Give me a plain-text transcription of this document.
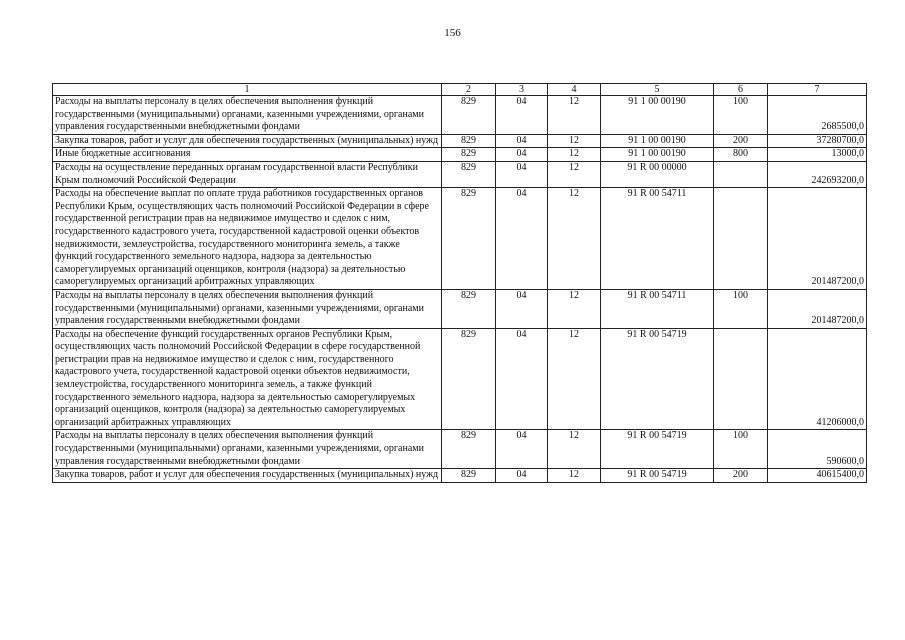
156
1	2	3	4	5	6	7
Расходы на выплаты персоналу в целях обеспечения выполнения функций государственными (муниципальными) органами, казенными учреждениями, органами управления государственными внебюджетными фондами	829	04	12	91 1 00 00190	100	2685500,0
Закупка товаров, работ и услуг для обеспечения государственных (муниципальных) нужд	829	04	12	91 1 00 00190	200	37280700,0
Иные бюджетные ассигнования	829	04	12	91 1 00 00190	800	13000,0
Расходы на осуществление переданных органам государственной власти Республики Крым полномочий Российской Федерации	829	04	12	91 R 00 00000		242693200,0
Расходы на обеспечение выплат по оплате труда работников государственных органов Республики Крым, осуществляющих часть полномочий Российской Федерации в сфере государственной регистрации прав на недвижимое имущество и сделок с ним, государственного кадастрового учета, государственной кадастровой оценки объектов недвижимости, землеустройства, государственного мониторинга земель, а также функций государственного земельного надзора, надзора за деятельностью саморегулируемых организаций оценщиков, контроля (надзора) за деятельностью саморегулируемых организаций арбитражных управляющих	829	04	12	91 R 00 54711		201487200,0
Расходы на выплаты персоналу в целях обеспечения выполнения функций государственными (муниципальными) органами, казенными учреждениями, органами управления государственными внебюджетными фондами	829	04	12	91 R 00 54711	100	201487200,0
Расходы на обеспечение функций государственных органов Республики Крым, осуществляющих часть полномочий Российской Федерации в сфере государственной регистрации прав на недвижимое имущество и сделок с ним, государственного кадастрового учета, государственной кадастровой оценки объектов недвижимости, землеустройства, государственного мониторинга земель, а также функций государственного земельного надзора, надзора за деятельностью саморегулируемых организаций оценщиков, контроля (надзора) за деятельностью саморегулируемых организаций арбитражных управляющих	829	04	12	91 R 00 54719		41206000,0
Расходы на выплаты персоналу в целях обеспечения выполнения функций государственными (муниципальными) органами, казенными учреждениями, органами управления государственными внебюджетными фондами	829	04	12	91 R 00 54719	100	590600,0
Закупка товаров, работ и услуг для обеспечения государственных (муниципальных) нужд	829	04	12	91 R 00 54719	200	40615400,0
